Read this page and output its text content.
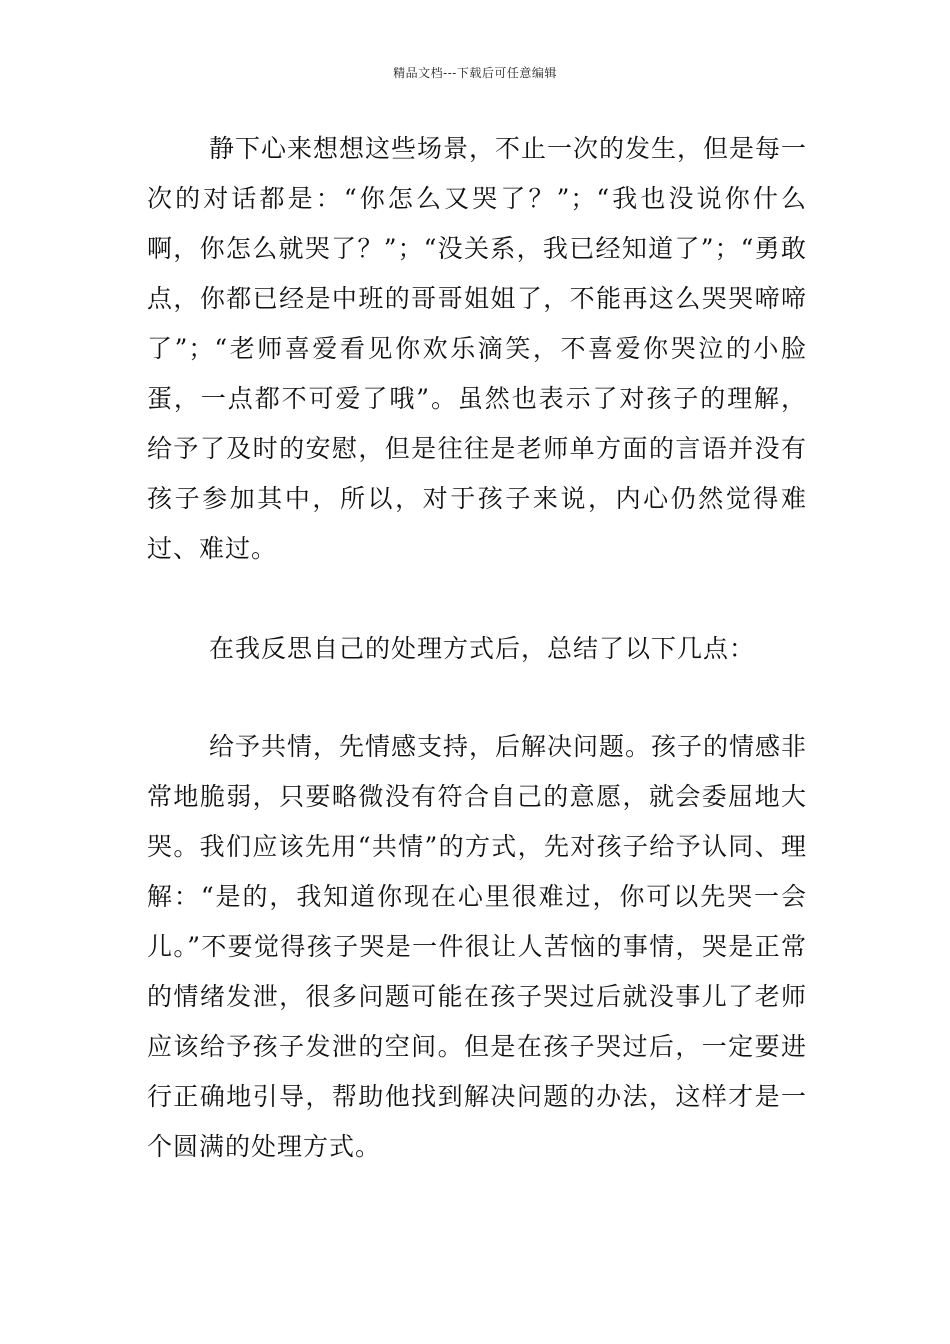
精品文档---下载后可任意编辑

静下心来想想这些场景，不止一次的发生，但是每一次的对话都是：“你怎么又哭了？”；“我也没说你什么啊，你怎么就哭了？”；“没关系，我已经知道了”；“勇敢点，你都已经是中班的哥哥姐姐了，不能再这么哭哭啼啼了”；“老师喜爱看见你欢乐滴笑，不喜爱你哭泣的小脸蛋，一点都不可爱了哦”。虽然也表示了对孩子的理解，给予了及时的安慰，但是往往是老师单方面的言语并没有孩子参加其中，所以，对于孩子来说，内心仍然觉得难过、难过。

在我反思自己的处理方式后，总结了以下几点：

给予共情，先情感支持，后解决问题。孩子的情感非常地脆弱，只要略微没有符合自己的意愿，就会委屈地大哭。我们应该先用“共情”的方式，先对孩子给予认同、理解：“是的，我知道你现在心里很难过，你可以先哭一会儿。”不要觉得孩子哭是一件很让人苦恼的事情，哭是正常的情绪发泄，很多问题可能在孩子哭过后就没事儿了老师应该给予孩子发泄的空间。但是在孩子哭过后，一定要进行正确地引导，帮助他找到解决问题的办法，这样才是一个圆满的处理方式。
